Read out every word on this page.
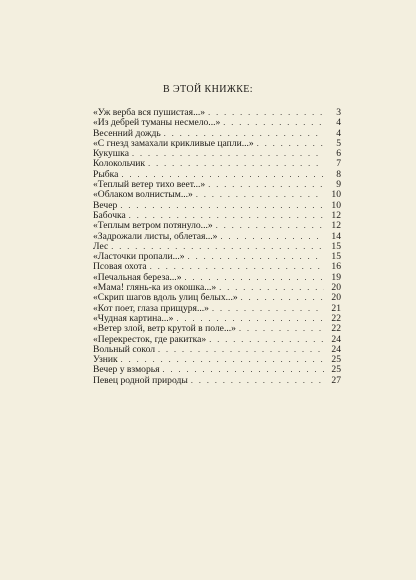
В ЭТОЙ КНИЖКЕ:
«Уж верба вся пушистая...» . . .	3
«Из дебрей туманы несмело...» . . .	4
Весенний дождь . . .	4
«С гнезд замахали крикливые цапли...» . . .	5
Кукушка . . .	6
Колокольчик . . .	7
Рыбка . . .	8
«Теплый ветер тихо веет...» . . .	9
«Облаком волнистым...» . . .	10
Вечер . . .	10
Бабочка . . .	12
«Теплым ветром потянуло...» . . .	12
«Задрожали листы, облетая...» . . .	14
Лес . . .	15
«Ласточки пропали...» . . .	15
Псовая охота . . .	16
«Печальная береза...» . . .	19
«Мама! глянь-ка из окошка...» . . .	20
«Скрип шагов вдоль улиц белых...» . . .	20
«Кот поет, глаза прищуря...» . . .	21
«Чудная картина...» . . .	22
«Ветер злой, ветр крутой в поле...» . . .	22
«Перекресток, где ракитка» . . .	24
Вольный сокол . . .	24
Узник . . .	25
Вечер у взморья . . .	25
Певец родной природы . . .	27
